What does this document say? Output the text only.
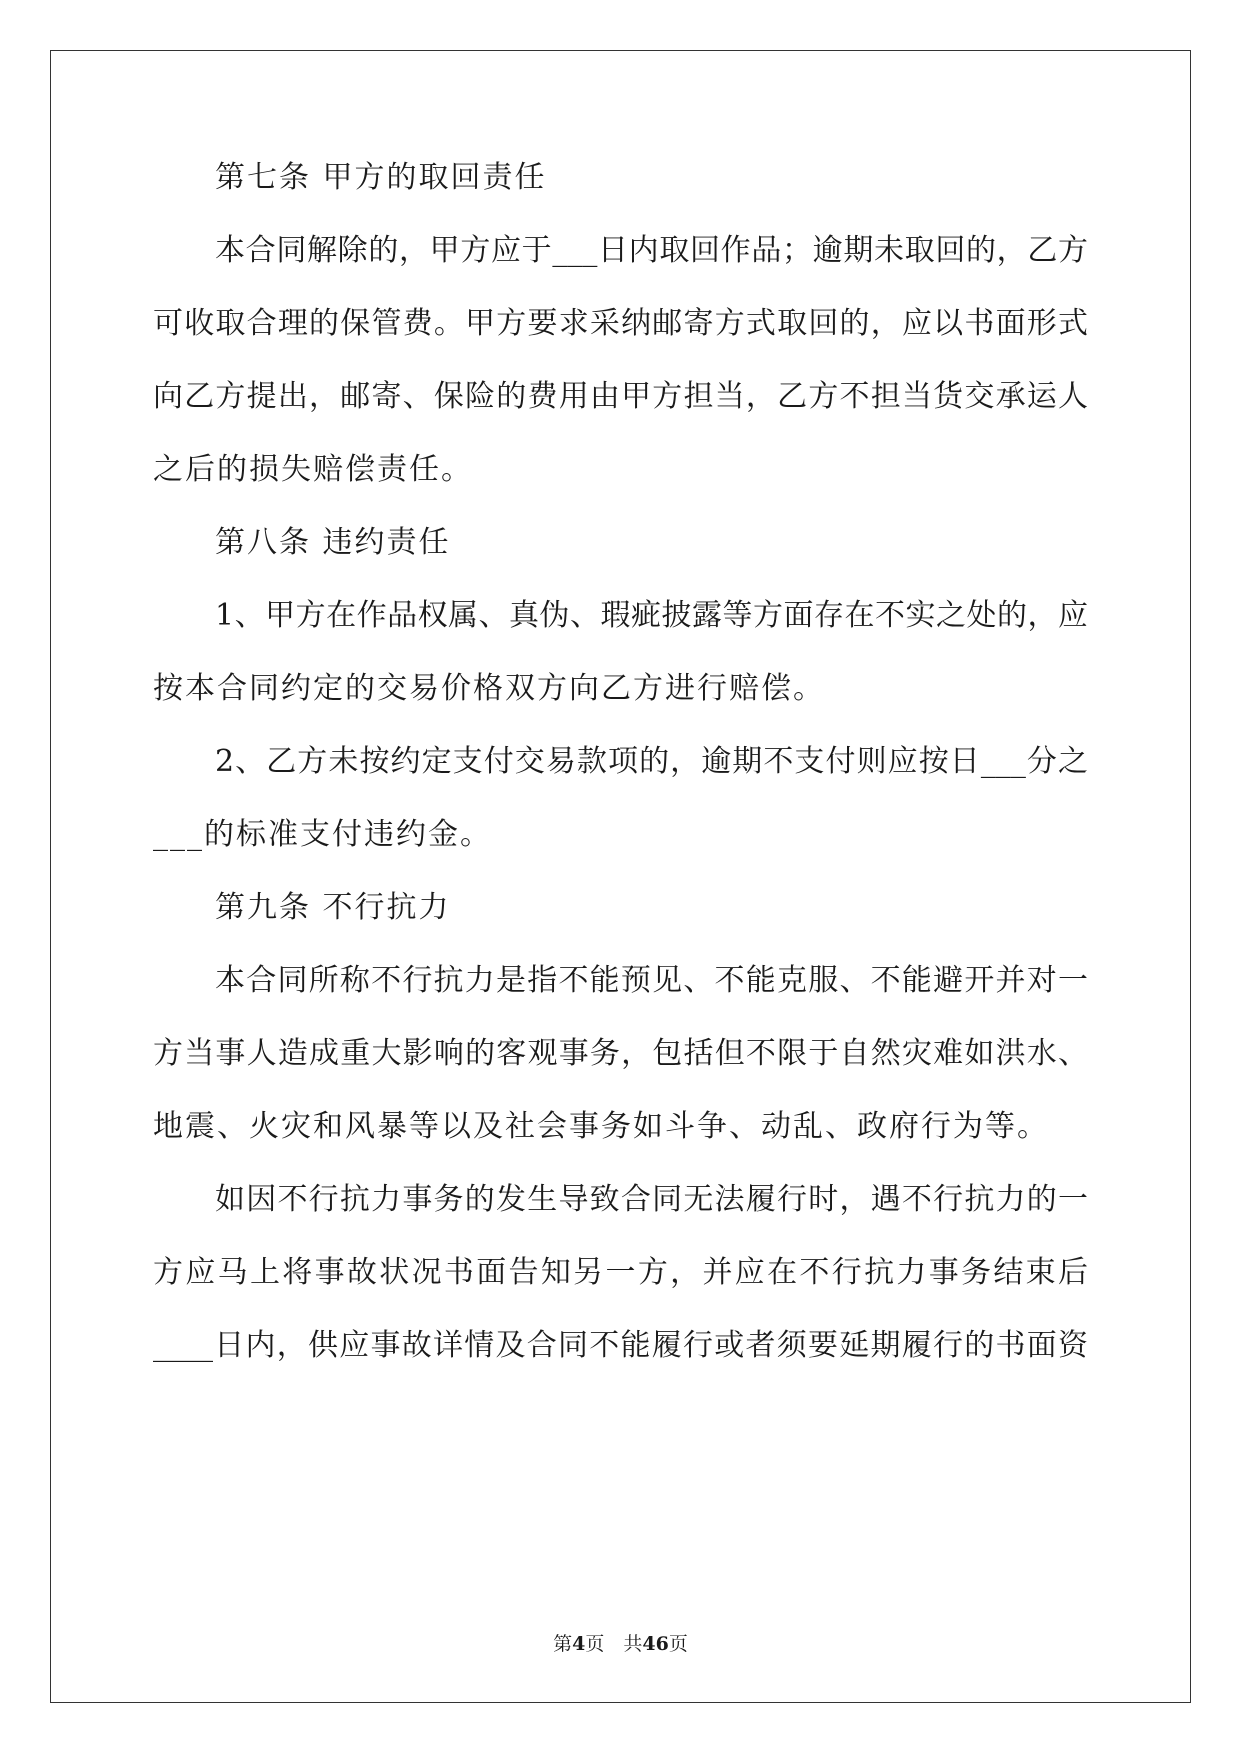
第七条 甲方的取回责任
本合同解除的，甲方应于___日内取回作品；逾期未取回的，乙方
可收取合理的保管费。甲方要求采纳邮寄方式取回的，应以书面形式
向乙方提出，邮寄、保险的费用由甲方担当，乙方不担当货交承运人
之后的损失赔偿责任。
第八条 违约责任
1、甲方在作品权属、真伪、瑕疵披露等方面存在不实之处的，应
按本合同约定的交易价格双方向乙方进行赔偿。
2、乙方未按约定支付交易款项的，逾期不支付则应按日___分之
___的标准支付违约金。
第九条 不行抗力
本合同所称不行抗力是指不能预见、不能克服、不能避开并对一
方当事人造成重大影响的客观事务，包括但不限于自然灾难如洪水、
地震、火灾和风暴等以及社会事务如斗争、动乱、政府行为等。
如因不行抗力事务的发生导致合同无法履行时，遇不行抗力的一
方应马上将事故状况书面告知另一方，并应在不行抗力事务结束后
____日内，供应事故详情及合同不能履行或者须要延期履行的书面资
第4页　共46页
